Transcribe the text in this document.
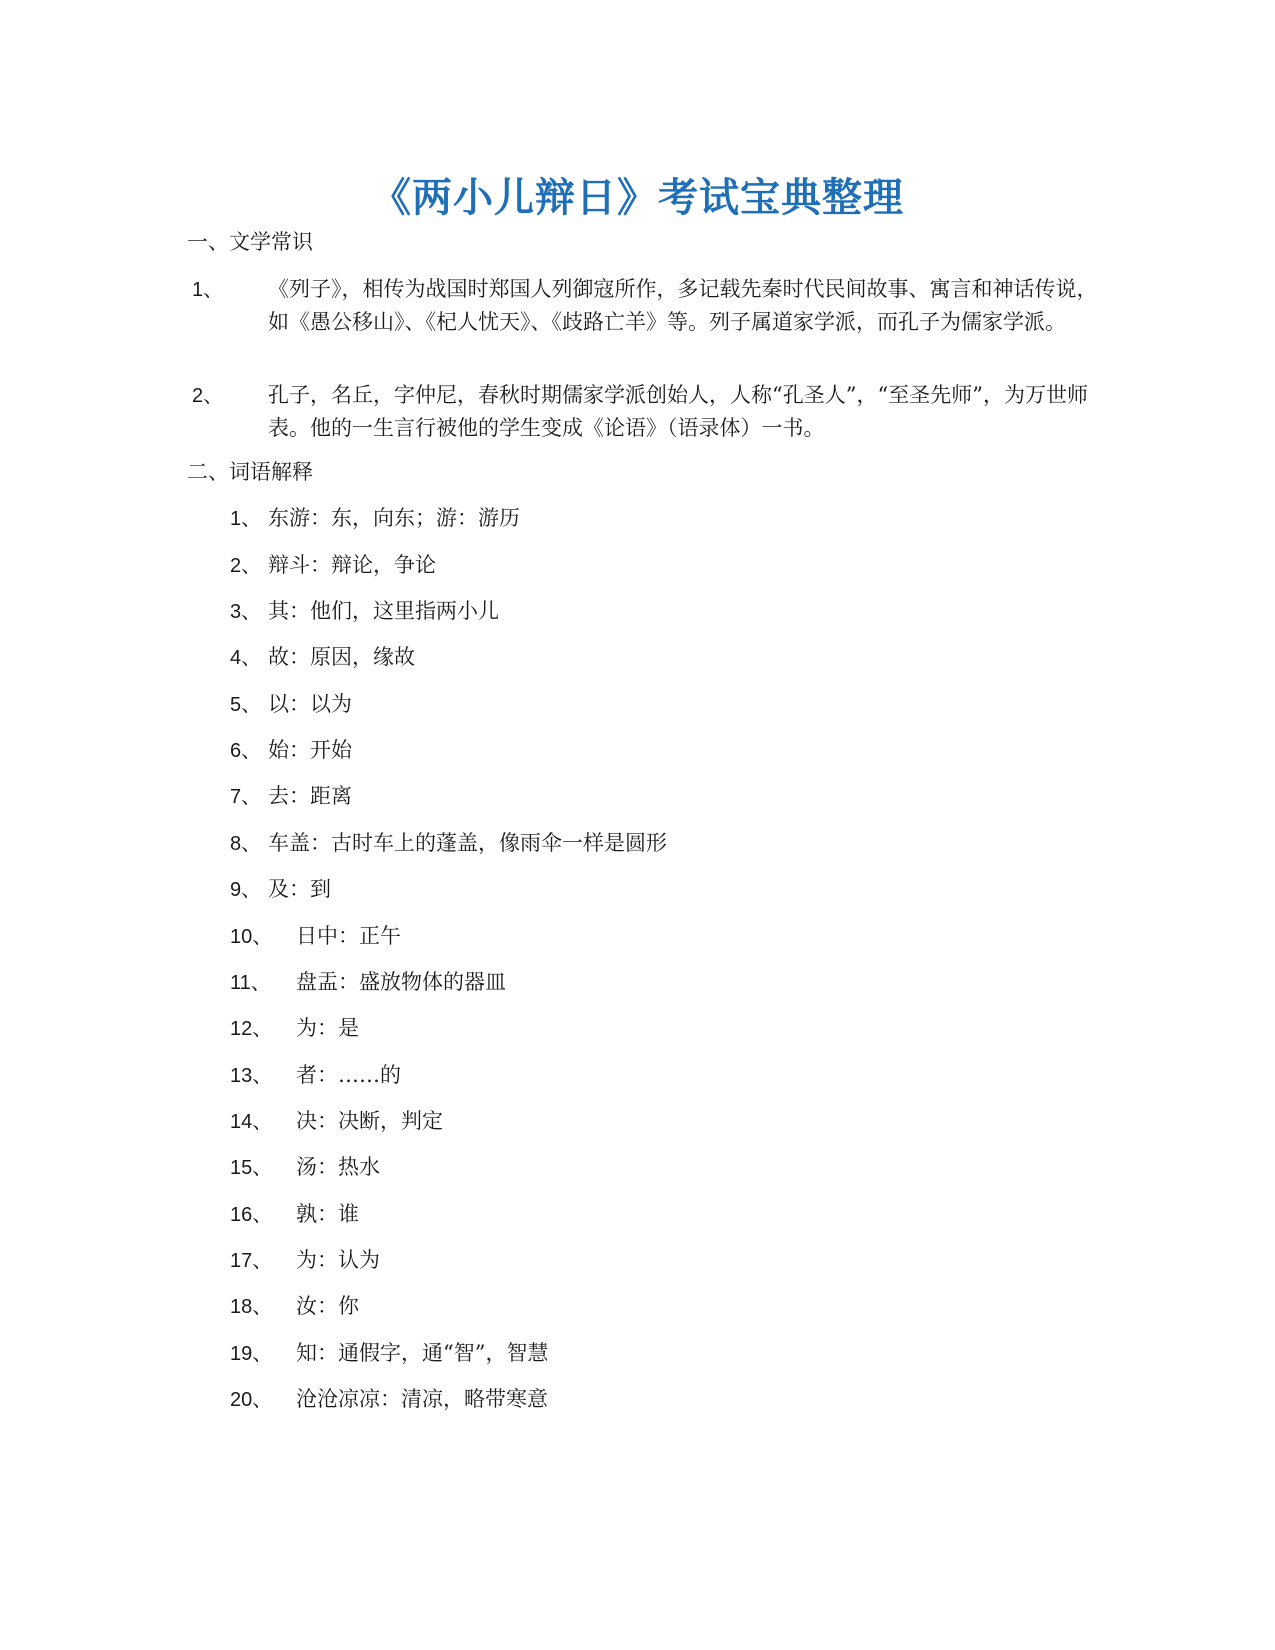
《两小儿辩日》考试宝典整理
一、文学常识
1、 《列子》，相传为战国时郑国人列御寇所作，多记载先秦时代民间故事、寓言和神话传说，如《愚公移山》、《杞人忧天》、《歧路亡羊》等。列子属道家学派，而孔子为儒家学派。
2、 孔子，名丘，字仲尼，春秋时期儒家学派创始人，人称“孔圣人”，“至圣先师”，为万世师表。他的一生言行被他的学生变成《论语》（语录体）一书。
二、词语解释
1、 东游：东，向东；游：游历
2、 辩斗：辩论，争论
3、 其：他们，这里指两小儿
4、 故：原因，缘故
5、 以：以为
6、 始：开始
7、 去：距离
8、 车盖：古时车上的蓬盖，像雨伞一样是圆形
9、 及：到
10、 日中：正午
11、 盘盂：盛放物体的器皿
12、 为：是
13、 者：……的
14、 决：决断，判定
15、 汤：热水
16、 孰：谁
17、 为：认为
18、 汝：你
19、 知：通假字，通“智”，智慧
20、 沧沧凉凉：清凉，略带寒意
